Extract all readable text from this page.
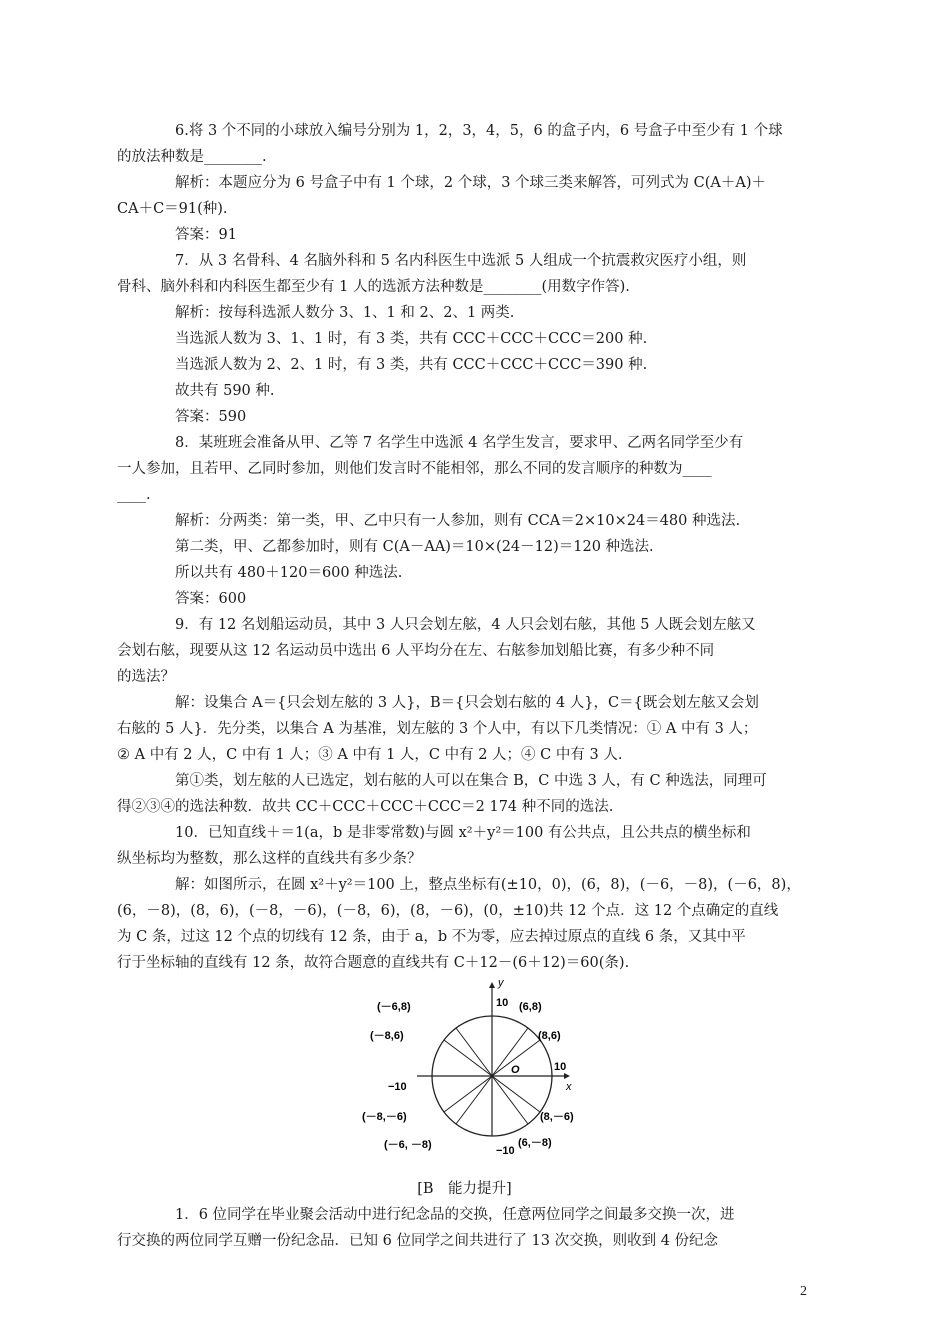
6.将 3 个不同的小球放入编号分别为 1，2，3，4，5，6 的盒子内，6 号盒子中至少有 1 个球
的放法种数是________.
解析：本题应分为 6 号盒子中有 1 个球，2 个球，3 个球三类来解答，可列式为 C(A＋A)＋
CA＋C＝91(种).
答案：91
7．从 3 名骨科、4 名脑外科和 5 名内科医生中选派 5 人组成一个抗震救灾医疗小组，则
骨科、脑外科和内科医生都至少有 1 人的选派方法种数是________(用数字作答).
解析：按每科选派人数分 3、1、1 和 2、2、1 两类.
当选派人数为 3、1、1 时，有 3 类，共有 CCC＋CCC＋CCC＝200 种.
当选派人数为 2、2、1 时，有 3 类，共有 CCC＋CCC＋CCC＝390 种.
故共有 590 种.
答案：590
8．某班班会准备从甲、乙等 7 名学生中选派 4 名学生发言，要求甲、乙两名同学至少有
一人参加，且若甲、乙同时参加，则他们发言时不能相邻，那么不同的发言顺序的种数为____
____.
解析：分两类：第一类，甲、乙中只有一人参加，则有 CCA＝2×10×24＝480 种选法.
第二类，甲、乙都参加时，则有 C(A－AA)＝10×(24－12)＝120 种选法.
所以共有 480＋120＝600 种选法.
答案：600
9．有 12 名划船运动员，其中 3 人只会划左舷，4 人只会划右舷，其他 5 人既会划左舷又
会划右舷，现要从这 12 名运动员中选出 6 人平均分在左、右舷参加划船比赛，有多少种不同
的选法？
解：设集合 A＝{只会划左舷的 3 人}，B＝{只会划右舷的 4 人}，C＝{既会划左舷又会划
右舷的 5 人}．先分类，以集合 A 为基准，划左舷的 3 个人中，有以下几类情况：① A 中有 3 人；
② A 中有 2 人，C 中有 1 人；③ A 中有 1 人，C 中有 2 人；④ C 中有 3 人.
第①类，划左舷的人已选定，划右舷的人可以在集合 B，C 中选 3 人，有 C 种选法，同理可
得②③④的选法种数．故共 CC＋CCC＋CCC＋CCC＝2 174 种不同的选法.
10．已知直线＋＝1(a，b 是非零常数)与圆 x²＋y²＝100 有公共点，且公共点的横坐标和
纵坐标均为整数，那么这样的直线共有多少条？
解：如图所示，在圆 x²＋y²＝100 上，整点坐标有(±10，0)，(6，8)，(－6，－8)，(－6，8)，
(6，－8)，(8，6)，(－8，－6)，(－8，6)，(8，－6)，(0，±10)共 12 个点．这 12 个点确定的直线
为 C 条，过这 12 个点的切线有 12 条，由于 a，b 不为零，应去掉过原点的直线 6 条，又其中平
行于坐标轴的直线有 12 条，故符合题意的直线共有 C＋12－(6＋12)＝60(条).
y
x
O
10
−10
10
−10
(－6,8)	(6,8)
(－8,6)	(8,6)
(－8,－6)	(8,－6)
(－6, －8)	(6,－8)
[B　能力提升]
1．6 位同学在毕业聚会活动中进行纪念品的交换，任意两位同学之间最多交换一次，进
行交换的两位同学互赠一份纪念品．已知 6 位同学之间共进行了 13 次交换，则收到 4 份纪念
2
